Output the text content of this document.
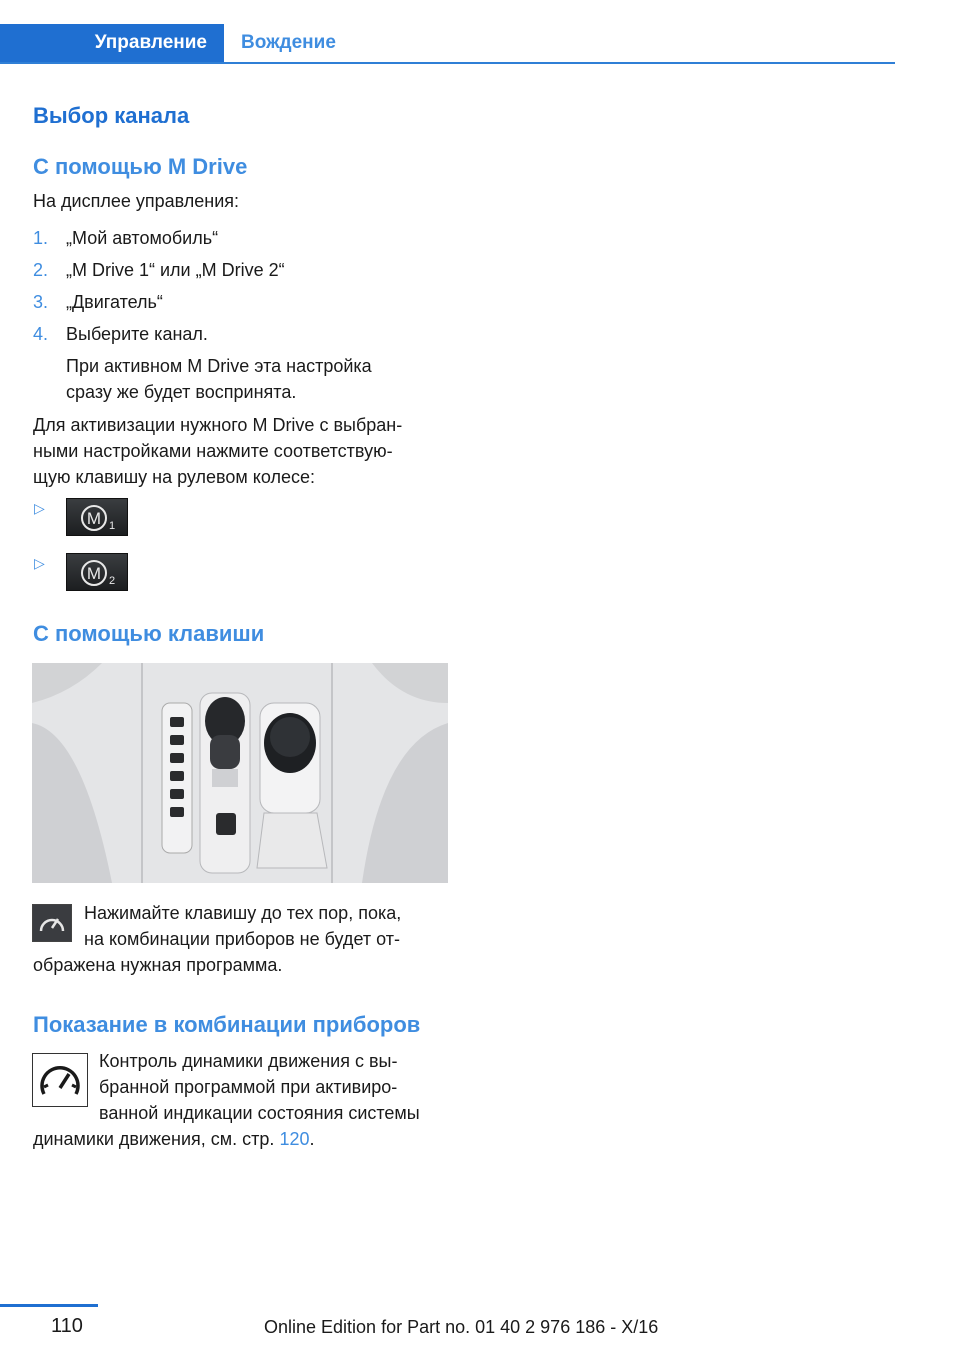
Управление	Вождение
Выбор канала
С помощью M Drive
На дисплее управления:
1. „Мой автомобиль“
2. „M Drive 1“ или „M Drive 2“
3. „Двигатель“
4. Выберите канал.
При активном M Drive эта настройка
сразу же будет воспринята.
Для активизации нужного M Drive с выбран-
ными настройками нажмите соответствую-
щую клавишу на рулевом колесе:
▷
M 1
▷
M 2
С помощью клавиши
Нажимайте клавишу до тех пор, пока,
на комбинации приборов не будет от-
ображена нужная программа.
Показание в комбинации приборов
Контроль динамики движения с вы-
бранной программой при активиро-
ванной индикации состояния системы
динамики движения, см. стр. 120.
110	Online Edition for Part no. 01 40 2 976 186 - X/16
